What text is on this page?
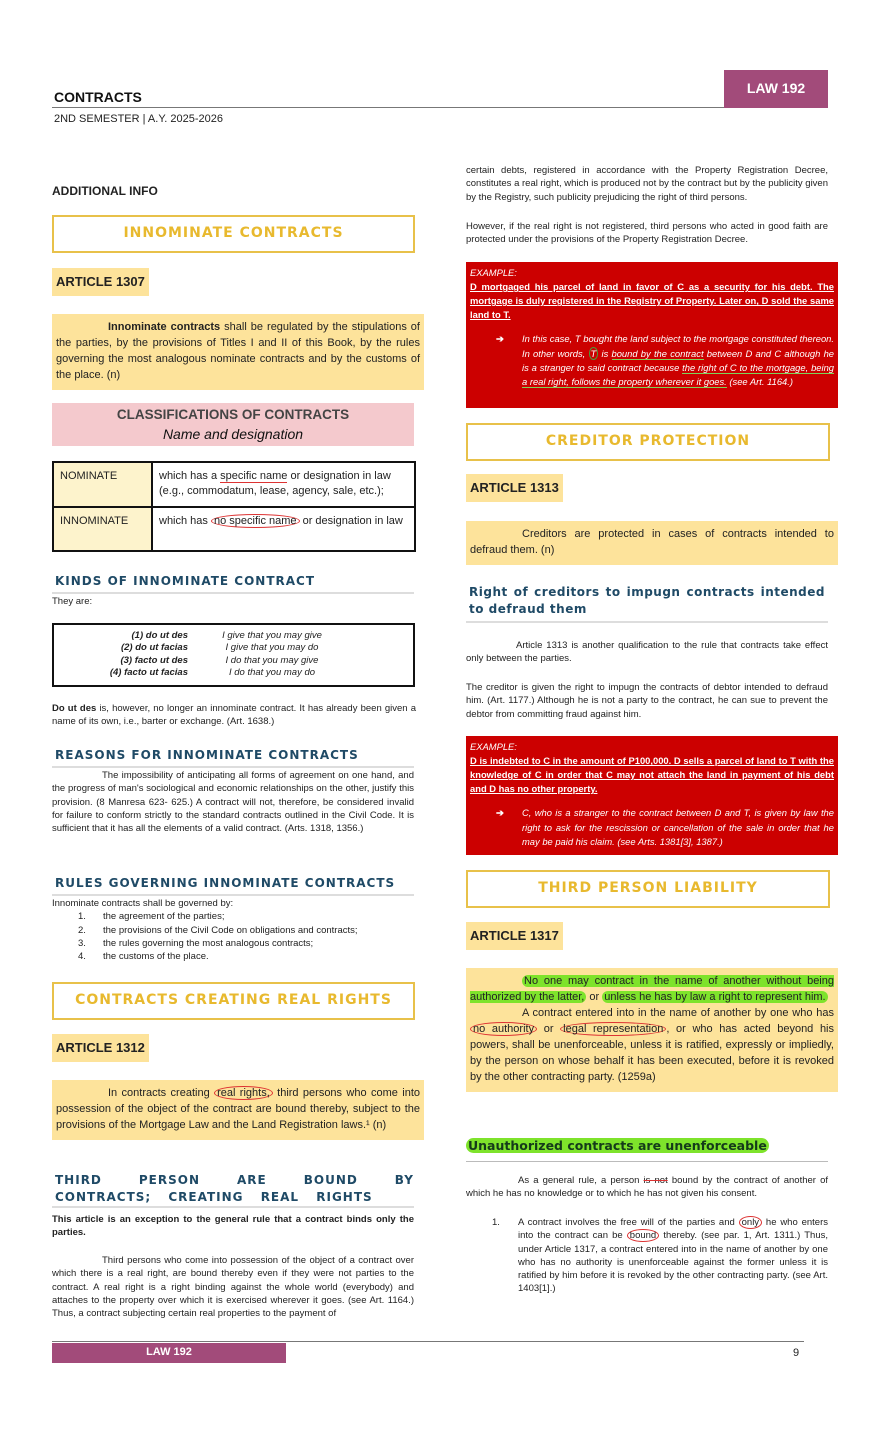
CONTRACTS
2ND SEMESTER | A.Y. 2025-2026
LAW 192
ADDITIONAL INFO
INNOMINATE CONTRACTS
ARTICLE 1307
Innominate contracts shall be regulated by the stipulations of the parties, by the provisions of Titles I and II of this Book, by the rules governing the most analogous nominate contracts and by the customs of the place. (n)
CLASSIFICATIONS OF CONTRACTS
Name and designation
NOMINATE	which has a specific name or designation in law (e.g., commodatum, lease, agency, sale, etc.);
INNOMINATE	which has no specific name or designation in law
KINDS OF INNOMINATE CONTRACT
They are:
(1) do ut des	I give that you may give
(2) do ut facias	I give that you may do
(3) facto ut des	I do that you may give
(4) facto ut facias	I do that you may do
Do ut des is, however, no longer an innominate contract. It has already been given a name of its own, i.e., barter or exchange. (Art. 1638.)
REASONS FOR INNOMINATE CONTRACTS
The impossibility of anticipating all forms of agreement on one hand, and the progress of man's sociological and economic relationships on the other, justify this provision. (8 Manresa 623- 625.) A contract will not, therefore, be considered invalid for failure to conform strictly to the standard contracts outlined in the Civil Code. It is sufficient that it has all the elements of a valid contract. (Arts. 1318, 1356.)
RULES GOVERNING INNOMINATE CONTRACTS
Innominate contracts shall be governed by:
1.	the agreement of the parties;
2.	the provisions of the Civil Code on obligations and contracts;
3.	the rules governing the most analogous contracts;
4.	the customs of the place.
CONTRACTS CREATING REAL RIGHTS
ARTICLE 1312
In contracts creating real rights, third persons who come into possession of the object of the contract are bound thereby, subject to the provisions of the Mortgage Law and the Land Registration laws.¹ (n)
THIRD PERSON ARE BOUND BY CONTRACTS; CREATING REAL RIGHTS
This article is an exception to the general rule that a contract binds only the parties.
Third persons who come into possession of the object of a contract over which there is a real right, are bound thereby even if they were not parties to the contract. A real right is a right binding against the whole world (everybody) and attaches to the property over which it is exercised wherever it goes. (see Art. 1164.) Thus, a contract subjecting certain real properties to the payment of
certain debts, registered in accordance with the Property Registration Decree, constitutes a real right, which is produced not by the contract but by the publicity given by the Registry, such publicity prejudicing the right of third persons.
However, if the real right is not registered, third persons who acted in good faith are protected under the provisions of the Property Registration Decree.
EXAMPLE:
D mortgaged his parcel of land in favor of C as a security for his debt. The mortgage is duly registered in the Registry of Property. Later on, D sold the same land to T.
➔ In this case, T bought the land subject to the mortgage constituted thereon. In other words, T is bound by the contract between D and C although he is a stranger to said contract because the right of C to the mortgage, being a real right, follows the property wherever it goes. (see Art. 1164.)
CREDITOR PROTECTION
ARTICLE 1313
Creditors are protected in cases of contracts intended to defraud them. (n)
Right of creditors to impugn contracts intended to defraud them
Article 1313 is another qualification to the rule that contracts take effect only between the parties.
The creditor is given the right to impugn the contracts of debtor intended to defraud him. (Art. 1177.) Although he is not a party to the contract, he can sue to prevent the debtor from committing fraud against him.
EXAMPLE:
D is indebted to C in the amount of P100,000. D sells a parcel of land to T with the knowledge of C in order that C may not attach the land in payment of his debt and D has no other property.
➔ C, who is a stranger to the contract between D and T, is given by law the right to ask for the rescission or cancellation of the sale in order that he may be paid his claim. (see Arts. 1381[3], 1387.)
THIRD PERSON LIABILITY
ARTICLE 1317
No one may contract in the name of another without being authorized by the latter, or unless he has by law a right to represent him.
A contract entered into in the name of another by one who has no authority or legal representation , or who has acted beyond his powers, shall be unenforceable, unless it is ratified, expressly or impliedly, by the person on whose behalf it has been executed, before it is revoked by the other contracting party. (1259a)
Unauthorized contracts are unenforceable
As a general rule, a person is not bound by the contract of another of which he has no knowledge or to which he has not given his consent.
1.	A contract involves the free will of the parties and only he who enters into the contract can be bound thereby. (see par. 1, Art. 1311.) Thus, under Article 1317, a contract entered into in the name of another by one who has no authority is unenforceable against the former unless it is ratified by him before it is revoked by the other contracting party. (see Art. 1403[1].)
LAW 192	9
